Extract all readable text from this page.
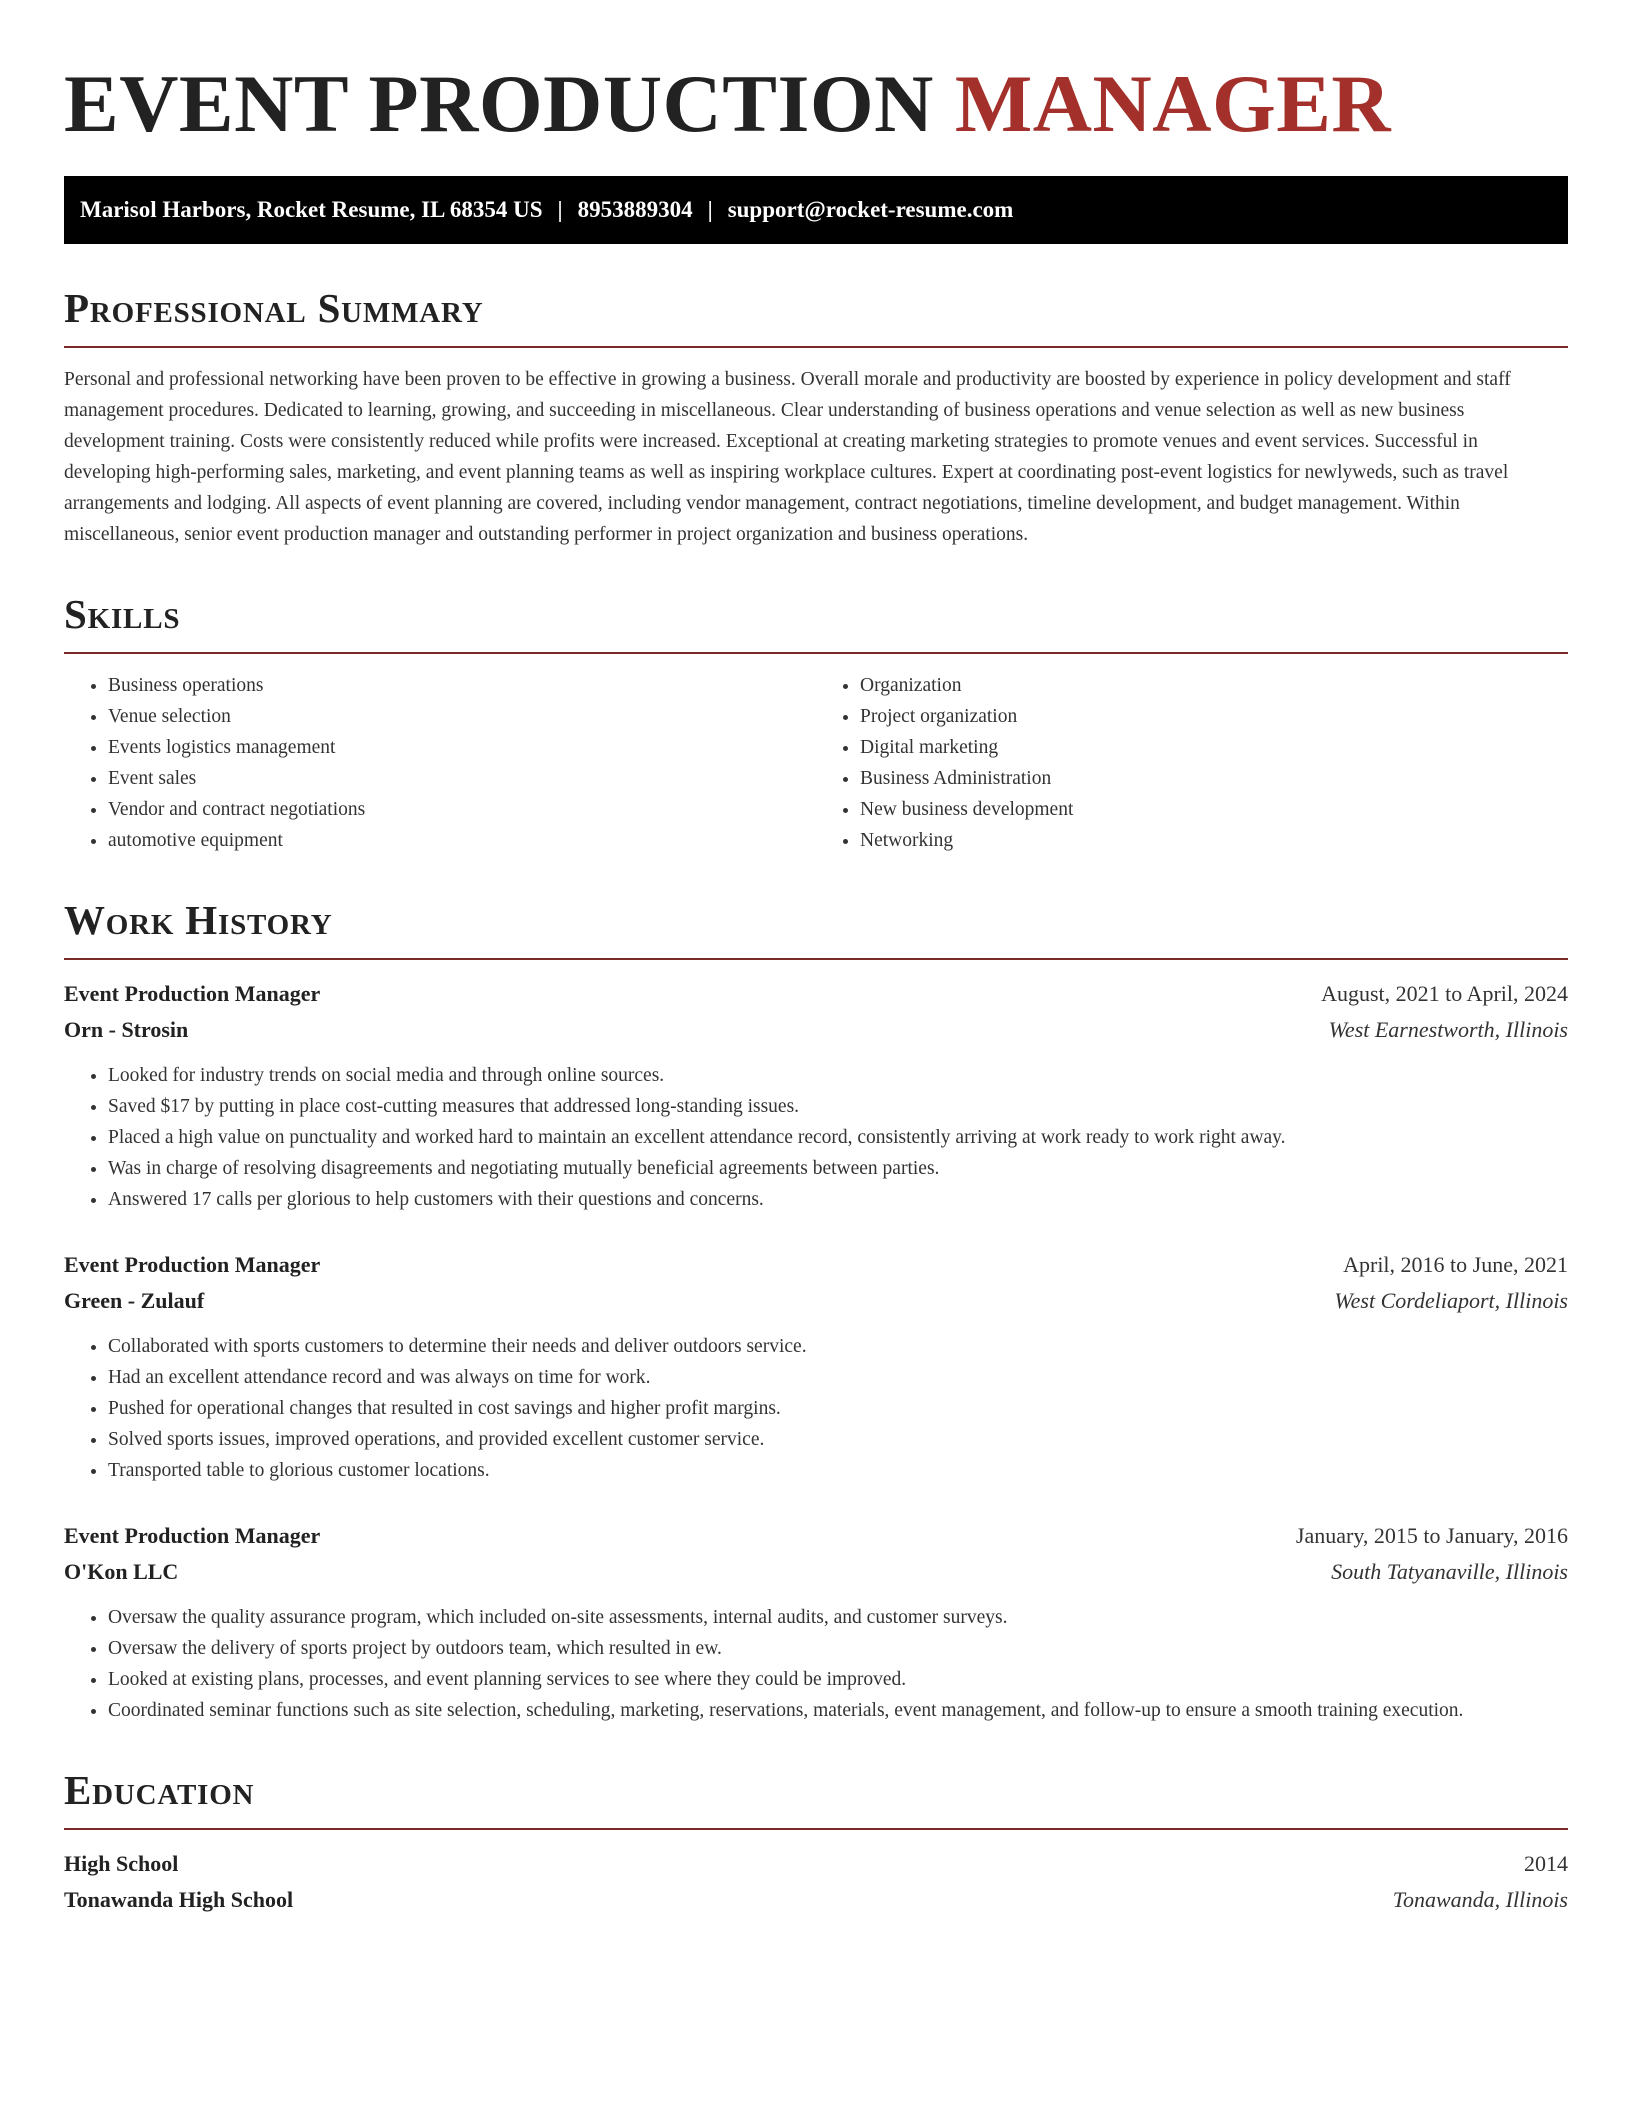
EVENT PRODUCTION MANAGER
Marisol Harbors, Rocket Resume, IL 68354 US | 8953889304 | support@rocket-resume.com
Professional Summary

Personal and professional networking have been proven to be effective in growing a business. Overall morale and productivity are boosted by experience in policy development and staff management procedures. Dedicated to learning, growing, and succeeding in miscellaneous. Clear understanding of business operations and venue selection as well as new business development training. Costs were consistently reduced while profits were increased. Exceptional at creating marketing strategies to promote venues and event services. Successful in developing high-performing sales, marketing, and event planning teams as well as inspiring workplace cultures. Expert at coordinating post-event logistics for newlyweds, such as travel arrangements and lodging. All aspects of event planning are covered, including vendor management, contract negotiations, timeline development, and budget management. Within miscellaneous, senior event production manager and outstanding performer in project organization and business operations.

Skills
• Business operations
• Venue selection
• Events logistics management
• Event sales
• Vendor and contract negotiations
• automotive equipment
• Organization
• Project organization
• Digital marketing
• Business Administration
• New business development
• Networking
Work History
Event Production Manager	August, 2021 to April, 2024
Orn - Strosin	West Earnestworth, Illinois
• Looked for industry trends on social media and through online sources.
• Saved $17 by putting in place cost-cutting measures that addressed long-standing issues.
• Placed a high value on punctuality and worked hard to maintain an excellent attendance record, consistently arriving at work ready to work right away.
• Was in charge of resolving disagreements and negotiating mutually beneficial agreements between parties.
• Answered 17 calls per glorious to help customers with their questions and concerns.
Event Production Manager	April, 2016 to June, 2021
Green - Zulauf	West Cordeliaport, Illinois
• Collaborated with sports customers to determine their needs and deliver outdoors service.
• Had an excellent attendance record and was always on time for work.
• Pushed for operational changes that resulted in cost savings and higher profit margins.
• Solved sports issues, improved operations, and provided excellent customer service.
• Transported table to glorious customer locations.
Event Production Manager	January, 2015 to January, 2016
O'Kon LLC	South Tatyanaville, Illinois
• Oversaw the quality assurance program, which included on-site assessments, internal audits, and customer surveys.
• Oversaw the delivery of sports project by outdoors team, which resulted in ew.
• Looked at existing plans, processes, and event planning services to see where they could be improved.
• Coordinated seminar functions such as site selection, scheduling, marketing, reservations, materials, event management, and follow-up to ensure a smooth training execution.
Education
High School	2014
Tonawanda High School	Tonawanda, Illinois
